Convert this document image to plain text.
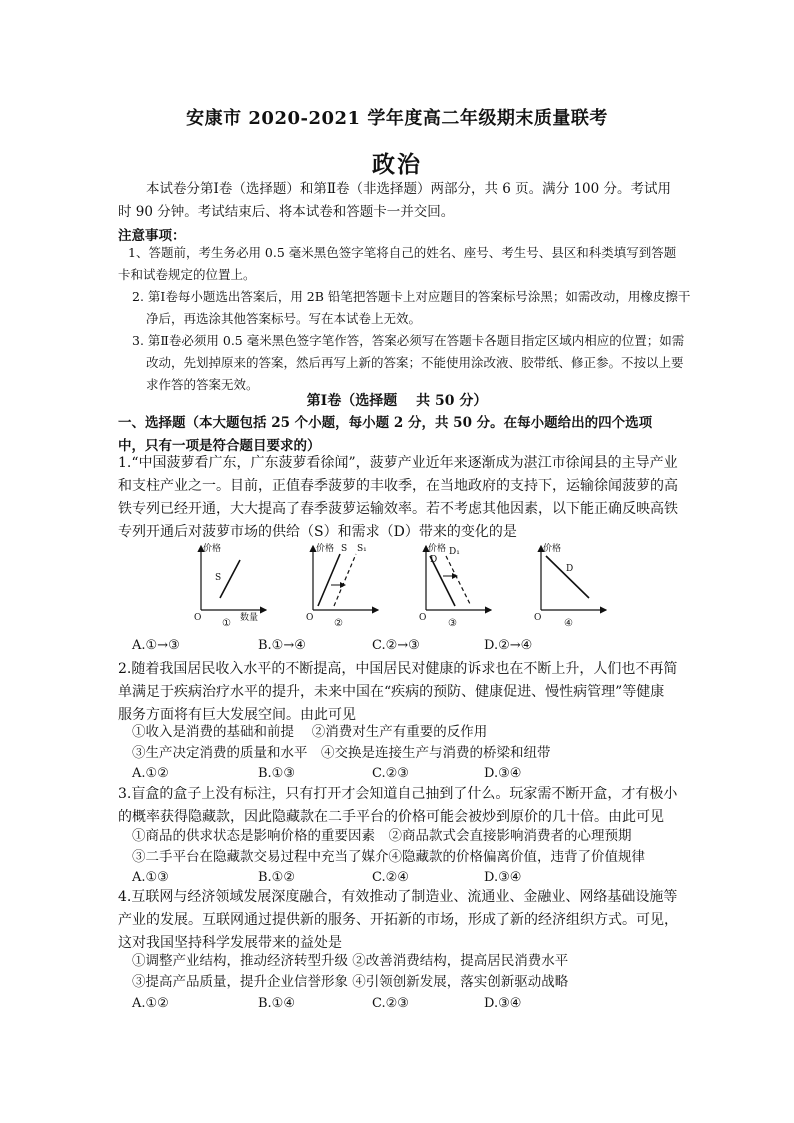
安康市 2020-2021 学年度高二年级期末质量联考
政治
本试卷分第Ⅰ卷（选择题）和第Ⅱ卷（非选择题）两部分，共 6 页。满分 100 分。考试用时 90 分钟。考试结束后、将本试卷和答题卡一并交回。
注意事项：
1、答题前，考生务必用 0.5 毫米黑色签字笔将自己的姓名、座号、考生号、县区和科类填写到答题卡和试卷规定的位置上。
2. 第Ⅰ卷每小题选出答案后，用 2B 铅笔把答题卡上对应题目的答案标号涂黑；如需改动，用橡皮擦干净后，再选涂其他答案标号。写在本试卷上无效。
3. 第Ⅱ卷必须用 0.5 毫米黑色签字笔作答，答案必须写在答题卡各题目指定区域内相应的位置；如需改动，先划掉原来的答案，然后再写上新的答案；不能使用涂改液、胶带纸、修正参。不按以上要求作答的答案无效。
第Ⅰ卷（选择题　 共 50 分）
一、选择题（本大题包括 25 个小题，每小题 2 分，共 50 分。在每小题给出的四个选项中，只有一项是符合题目要求的）
1.“中国菠萝看广东，广东菠萝看徐闻”，菠萝产业近年来逐渐成为湛江市徐闻县的主导产业和支柱产业之一。目前，正值春季菠萝的丰收季，在当地政府的支持下，运输徐闻菠萝的高铁专列已经开通，大大提高了春季菠萝运输效率。若不考虑其他因素，以下能正确反映高铁专列开通后对菠萝市场的供给（S）和需求（D）带来的变化的是
价格
数量
O
S
①
价格
O
S S₁
②
价格
O
D
D₁
③
价格
O
D
④
A.①→③	B.①→④	C.②→③	D.②→④
2.随着我国居民收入水平的不断提高，中国居民对健康的诉求也在不断上升，人们也不再简单满足于疾病治疗水平的提升，未来中国在“疾病的预防、健康促进、慢性病管理”等健康服务方面将有巨大发展空间。由此可见
①收入是消费的基础和前提　 ②消费对生产有重要的反作用
③生产决定消费的质量和水平　④交换是连接生产与消费的桥梁和纽带
A.①②	B.①③	C.②③	D.③④
3.盲盒的盒子上没有标注，只有打开才会知道自己抽到了什么。玩家需不断开盒，才有极小的概率获得隐藏款，因此隐藏款在二手平台的价格可能会被炒到原价的几十倍。由此可见
①商品的供求状态是影响价格的重要因素　②商品款式会直接影响消费者的心理预期
③二手平台在隐藏款交易过程中充当了媒介④隐藏款的价格偏离价值，违背了价值规律
A.①③	B.①②	C.②④	D.③④
4.互联网与经济领域发展深度融合，有效推动了制造业、流通业、金融业、网络基础设施等产业的发展。互联网通过提供新的服务、开拓新的市场，形成了新的经济组织方式。可见，这对我国坚持科学发展带来的益处是
①调整产业结构，推动经济转型升级 ②改善消费结构，提高居民消费水平
③提高产品质量，提升企业信誉形象 ④引领创新发展，落实创新驱动战略
A.①②	B.①④	C.②③	D.③④
